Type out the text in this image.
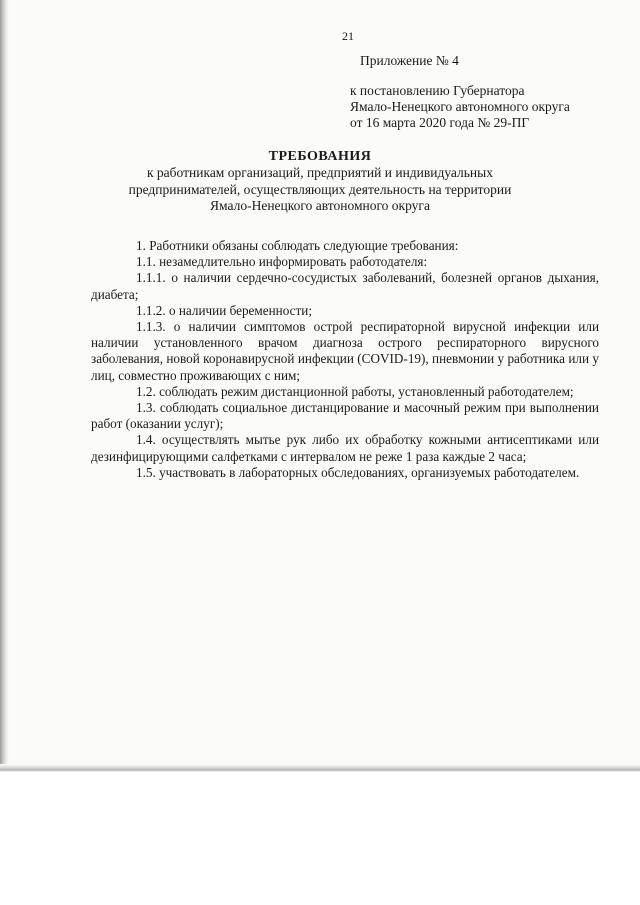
21
Приложение № 4
к постановлению Губернатора
Ямало-Ненецкого автономного округа
от 16 марта 2020 года № 29-ПГ
ТРЕБОВАНИЯ
к работникам организаций, предприятий и индивидуальных
предпринимателей, осуществляющих деятельность на территории
Ямало-Ненецкого автономного округа

1. Работники обязаны соблюдать следующие требования:

1.1. незамедлительно информировать работодателя:

1.1.1. о наличии сердечно-сосудистых заболеваний, болезней органов дыхания, диабета;

1.1.2. о наличии беременности;

1.1.3. о наличии симптомов острой респираторной вирусной инфекции или наличии установленного врачом диагноза острого респираторного вирусного заболевания, новой коронавирусной инфекции (COVID-19), пневмонии у работника или у лиц, совместно проживающих с ним;

1.2. соблюдать режим дистанционной работы, установленный работодателем;

1.3. соблюдать социальное дистанцирование и масочный режим при выполнении работ (оказании услуг);

1.4. осуществлять мытье рук либо их обработку кожными антисептиками или дезинфицирующими салфетками с интервалом не реже 1 раза каждые 2 часа;

1.5. участвовать в лабораторных обследованиях, организуемых работодателем.
